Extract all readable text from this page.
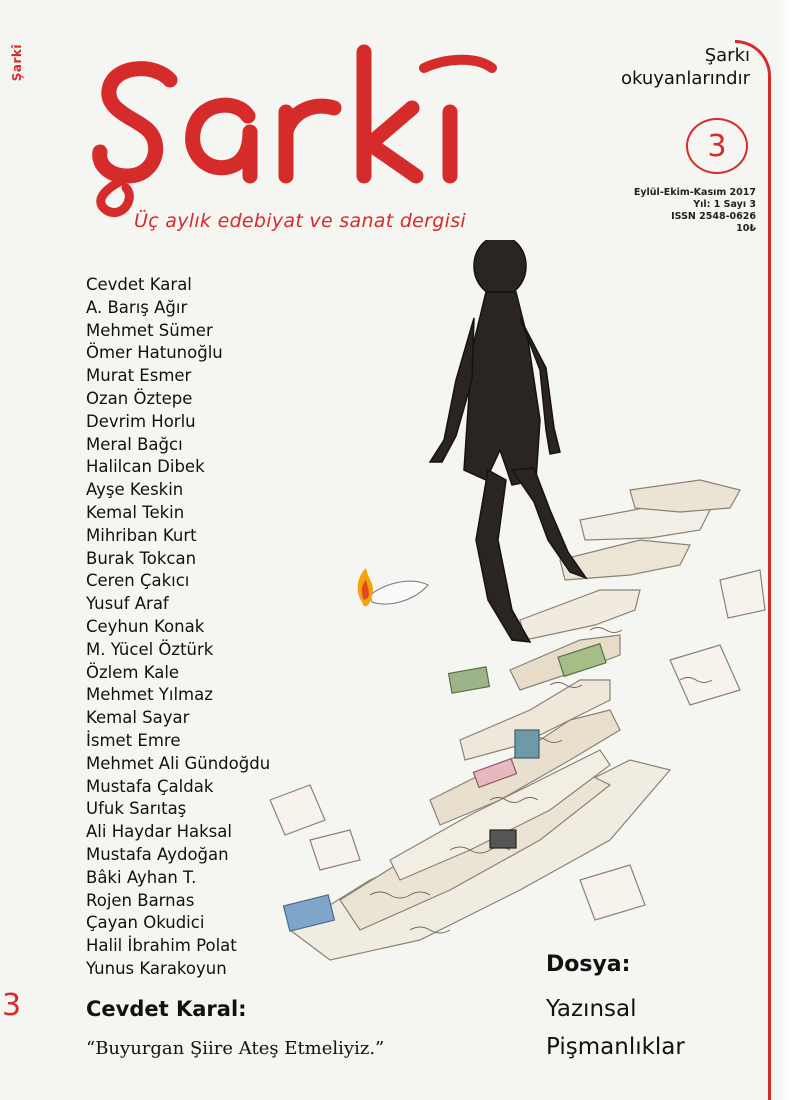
Şarkî
Üç aylık edebiyat ve sanat dergisi
Şarkı
okuyanlarındır
3
Eylül-Ekim-Kasım 2017
Yıl: 1 Sayı 3
ISSN 2548-0626
10₺
Cevdet Karal
A. Barış Ağır
Mehmet Sümer
Ömer Hatunoğlu
Murat Esmer
Ozan Öztepe
Devrim Horlu
Meral Bağcı
Halilcan Dibek
Ayşe Keskin
Kemal Tekin
Mihriban Kurt
Burak Tokcan
Ceren Çakıcı
Yusuf Araf
Ceyhun Konak
M. Yücel Öztürk
Özlem Kale
Mehmet Yılmaz
Kemal Sayar
İsmet Emre
Mehmet Ali Gündoğdu
Mustafa Çaldak
Ufuk Sarıtaş
Ali Haydar Haksal
Mustafa Aydoğan
Bâki Ayhan T.
Rojen Barnas
Çayan Okudici
Halil İbrahim Polat
Yunus Karakoyun
3	Cevdet Karal:
“Buyurgan Şiire Ateş Etmeliyiz.”
Dosya:
Yazınsal
Pişmanlıklar
